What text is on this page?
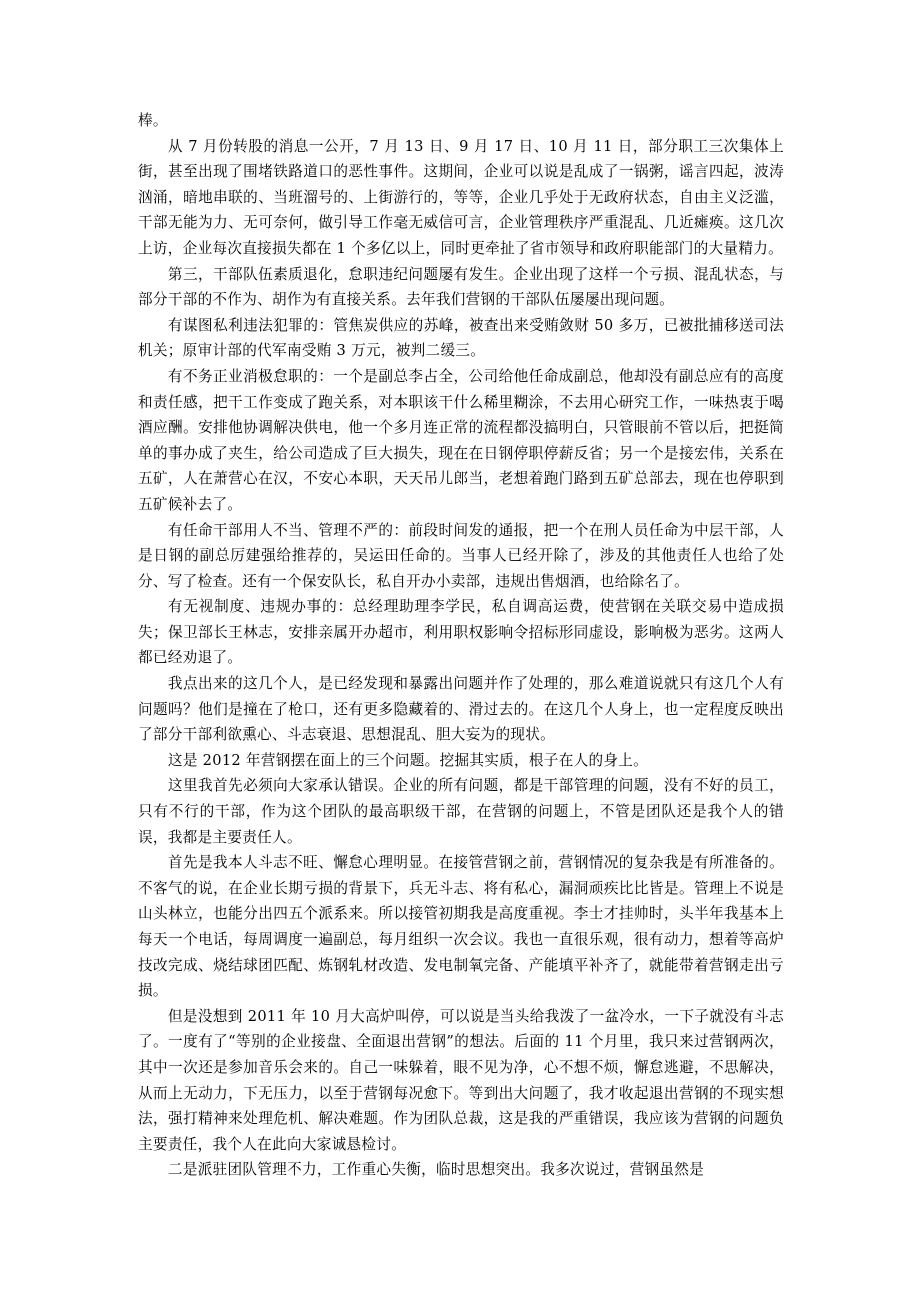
棒。

从 7 月份转股的消息一公开，7 月 13 日、9 月 17 日、10 月 11 日，部分职工三次集体上街，甚至出现了围堵铁路道口的恶性事件。这期间，企业可以说是乱成了一锅粥，谣言四起，波涛汹涌，暗地串联的、当班溜号的、上街游行的，等等，企业几乎处于无政府状态，自由主义泛滥，干部无能为力、无可奈何，做引导工作毫无威信可言，企业管理秩序严重混乱、几近瘫痪。这几次上访，企业每次直接损失都在 1 个多亿以上，同时更牵扯了省市领导和政府职能部门的大量精力。

第三，干部队伍素质退化，怠职违纪问题屡有发生。企业出现了这样一个亏损、混乱状态，与部分干部的不作为、胡作为有直接关系。去年我们营钢的干部队伍屡屡出现问题。

有谋图私利违法犯罪的：管焦炭供应的苏峰，被查出来受贿敛财 50 多万，已被批捕移送司法机关；原审计部的代军南受贿 3 万元，被判二缓三。

有不务正业消极怠职的：一个是副总李占全，公司给他任命成副总，他却没有副总应有的高度和责任感，把干工作变成了跑关系，对本职该干什么稀里糊涂，不去用心研究工作，一味热衷于喝酒应酬。安排他协调解决供电，他一个多月连正常的流程都没搞明白，只管眼前不管以后，把挺简单的事办成了夹生，给公司造成了巨大损失，现在在日钢停职停薪反省；另一个是接宏伟，关系在五矿，人在萧营心在汉，不安心本职，天天吊儿郎当，老想着跑门路到五矿总部去，现在也停职到五矿候补去了。

有任命干部用人不当、管理不严的：前段时间发的通报，把一个在刑人员任命为中层干部，人是日钢的副总厉建强给推荐的，吴运田任命的。当事人已经开除了，涉及的其他责任人也给了处分、写了检查。还有一个保安队长，私自开办小卖部，违规出售烟酒，也给除名了。

有无视制度、违规办事的：总经理助理李学民，私自调高运费，使营钢在关联交易中造成损失；保卫部长王林志，安排亲属开办超市，利用职权影响令招标形同虚设，影响极为恶劣。这两人都已经劝退了。

我点出来的这几个人，是已经发现和暴露出问题并作了处理的，那么难道说就只有这几个人有问题吗？他们是撞在了枪口，还有更多隐藏着的、滑过去的。在这几个人身上，也一定程度反映出了部分干部利欲熏心、斗志衰退、思想混乱、胆大妄为的现状。

这是 2012 年营钢摆在面上的三个问题。挖掘其实质，根子在人的身上。

这里我首先必须向大家承认错误。企业的所有问题，都是干部管理的问题，没有不好的员工，只有不行的干部，作为这个团队的最高职级干部，在营钢的问题上，不管是团队还是我个人的错误，我都是主要责任人。

首先是我本人斗志不旺、懈怠心理明显。在接管营钢之前，营钢情况的复杂我是有所准备的。不客气的说，在企业长期亏损的背景下，兵无斗志、将有私心，漏洞顽疾比比皆是。管理上不说是山头林立，也能分出四五个派系来。所以接管初期我是高度重视。李士才挂帅时，头半年我基本上每天一个电话，每周调度一遍副总，每月组织一次会议。我也一直很乐观，很有动力，想着等高炉技改完成、烧结球团匹配、炼钢轧材改造、发电制氧完备、产能填平补齐了，就能带着营钢走出亏损。

但是没想到 2011 年 10 月大高炉叫停，可以说是当头给我泼了一盆冷水，一下子就没有斗志了。一度有了“等别的企业接盘、全面退出营钢”的想法。后面的 11 个月里，我只来过营钢两次，其中一次还是参加音乐会来的。自己一味躲着，眼不见为净，心不想不烦，懈怠逃避，不思解决，从而上无动力，下无压力，以至于营钢每况愈下。等到出大问题了，我才收起退出营钢的不现实想法，强打精神来处理危机、解决难题。作为团队总裁，这是我的严重错误，我应该为营钢的问题负主要责任，我个人在此向大家诚恳检讨。

二是派驻团队管理不力，工作重心失衡，临时思想突出。我多次说过，营钢虽然是
